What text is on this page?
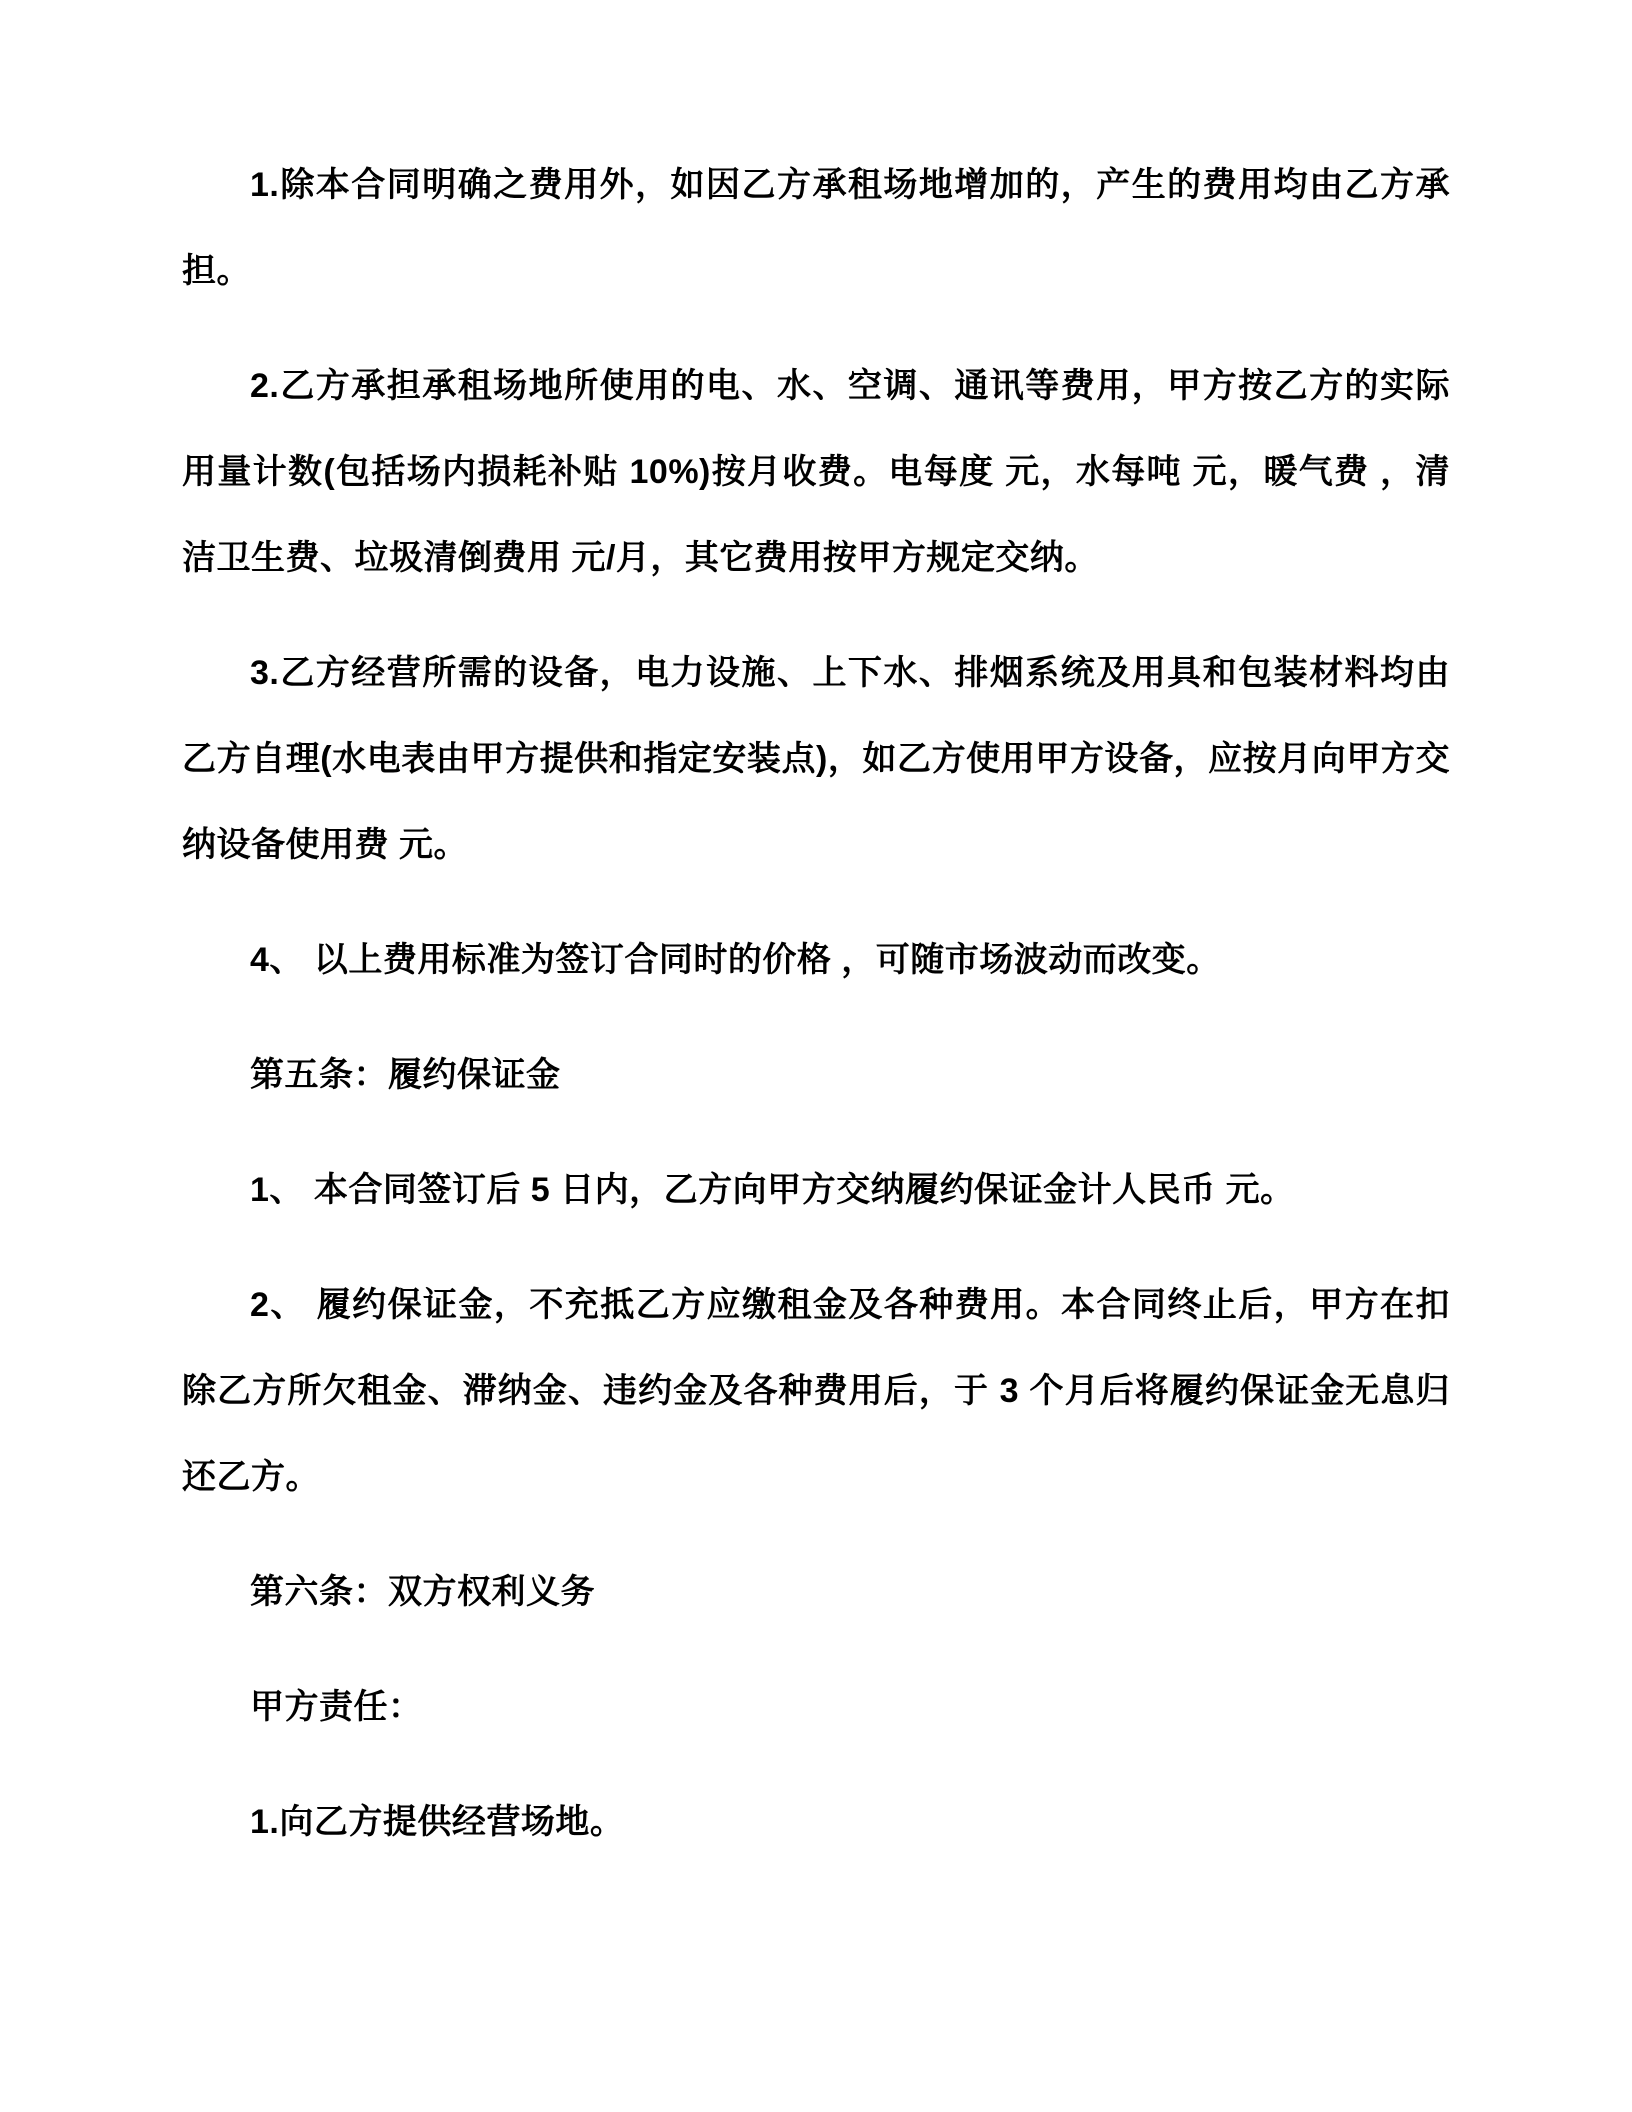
1.除本合同明确之费用外，如因乙方承租场地增加的，产生的费用均由乙方承担。

2.乙方承担承租场地所使用的电、水、空调、通讯等费用，甲方按乙方的实际用量计数(包括场内损耗补贴 10%)按月收费。电每度 元，水每吨 元，暖气费 ，清洁卫生费、垃圾清倒费用 元/月，其它费用按甲方规定交纳。

3.乙方经营所需的设备，电力设施、上下水、排烟系统及用具和包装材料均由乙方自理(水电表由甲方提供和指定安装点)，如乙方使用甲方设备，应按月向甲方交纳设备使用费 元。

4、 以上费用标准为签订合同时的价格 ，可随市场波动而改变。

第五条：履约保证金

1、 本合同签订后 5 日内，乙方向甲方交纳履约保证金计人民币 元。

2、 履约保证金，不充抵乙方应缴租金及各种费用。本合同终止后，甲方在扣除乙方所欠租金、滞纳金、违约金及各种费用后，于 3 个月后将履约保证金无息归还乙方。

第六条：双方权利义务

甲方责任：

1.向乙方提供经营场地。
